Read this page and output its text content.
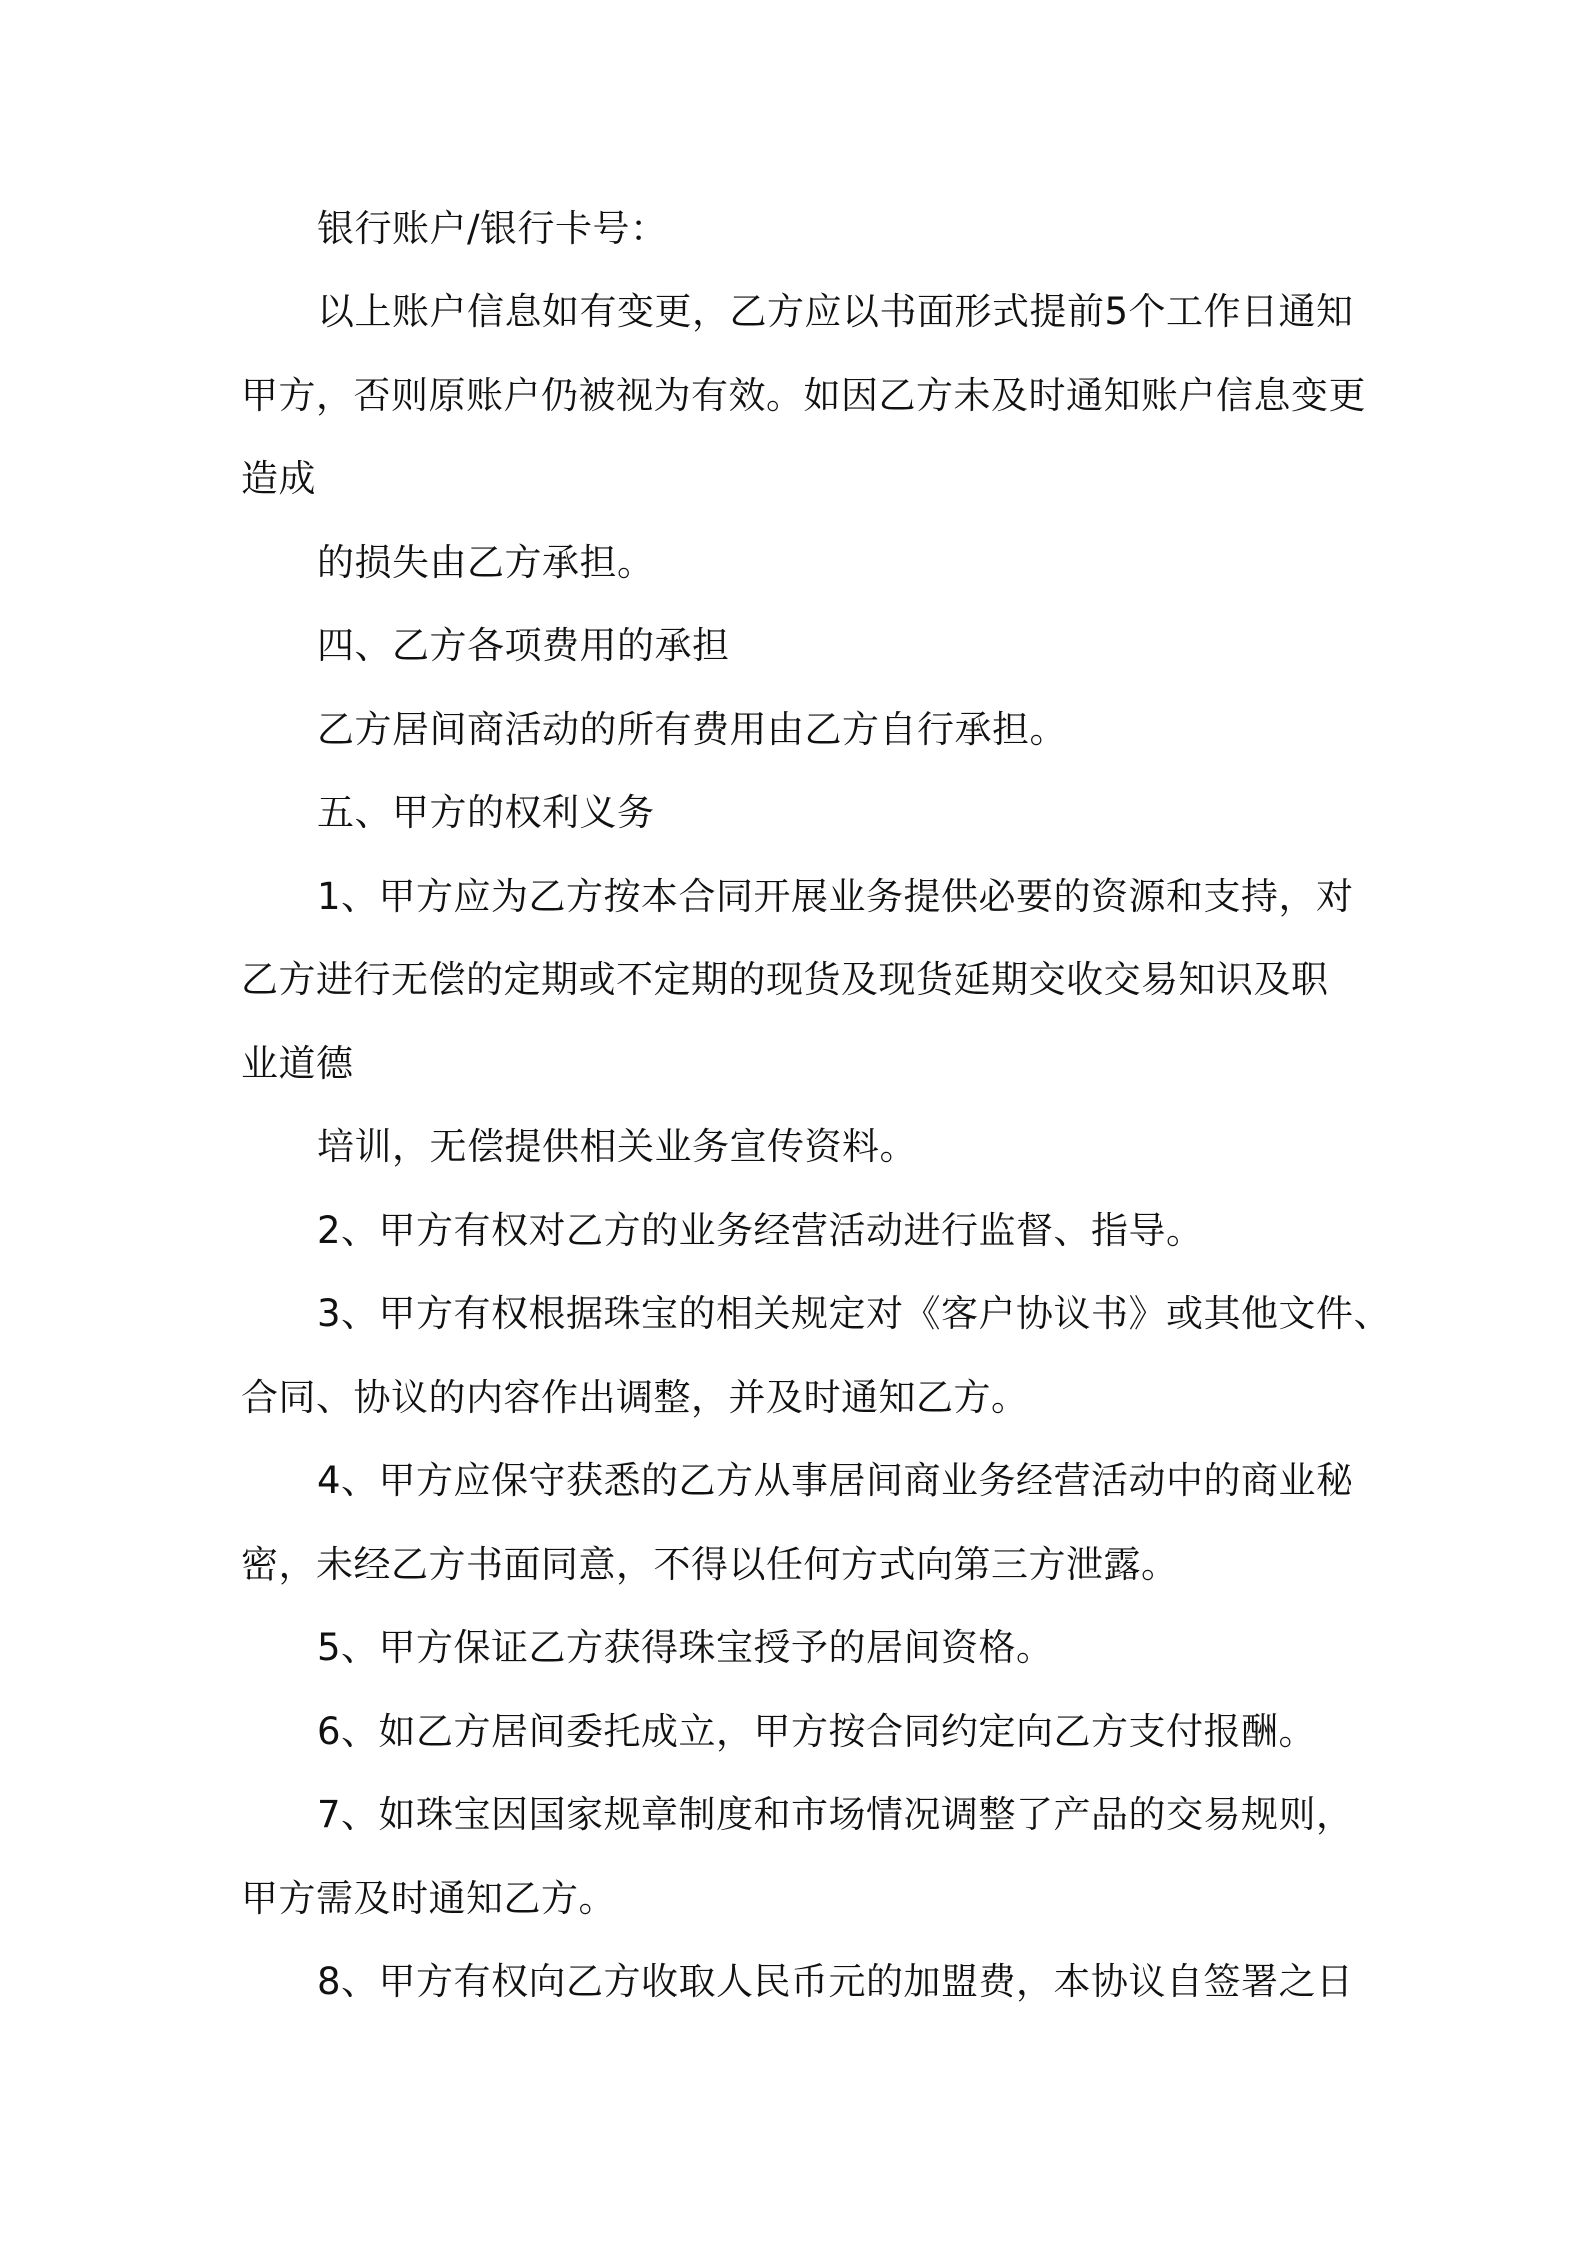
银行账户/银行卡号：
以上账户信息如有变更，乙方应以书面形式提前5个工作日通知
甲方，否则原账户仍被视为有效。如因乙方未及时通知账户信息变更
造成
的损失由乙方承担。
四、乙方各项费用的承担
乙方居间商活动的所有费用由乙方自行承担。
五、甲方的权利义务
1、甲方应为乙方按本合同开展业务提供必要的资源和支持，对
乙方进行无偿的定期或不定期的现货及现货延期交收交易知识及职
业道德
培训，无偿提供相关业务宣传资料。
2、甲方有权对乙方的业务经营活动进行监督、指导。
3、甲方有权根据珠宝的相关规定对《客户协议书》或其他文件、
合同、协议的内容作出调整，并及时通知乙方。
4、甲方应保守获悉的乙方从事居间商业务经营活动中的商业秘
密，未经乙方书面同意，不得以任何方式向第三方泄露。
5、甲方保证乙方获得珠宝授予的居间资格。
6、如乙方居间委托成立，甲方按合同约定向乙方支付报酬。
7、如珠宝因国家规章制度和市场情况调整了产品的交易规则，
甲方需及时通知乙方。
8、甲方有权向乙方收取人民币元的加盟费，本协议自签署之日
